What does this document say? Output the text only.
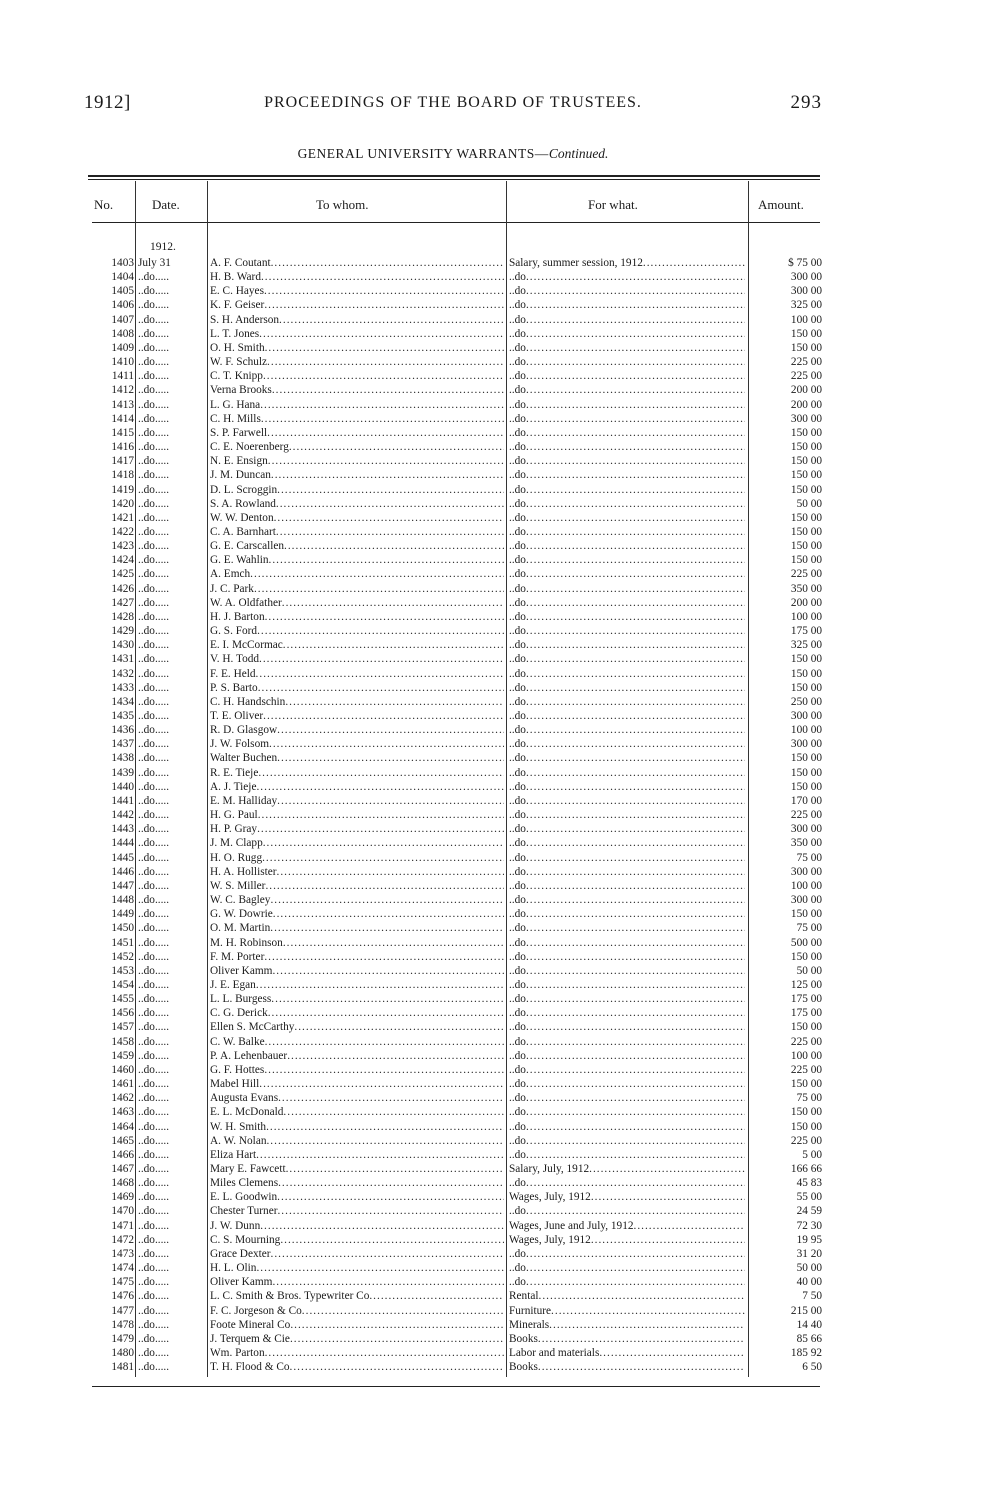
1912]	PROCEEDINGS OF THE BOARD OF TRUSTEES.	293
GENERAL UNIVERSITY WARRANTS—Continued.
No.	Date.	To whom.	For what.	Amount.
1912.
1403 July 31	A. F. Coutant .....	Salary, summer session, 1912 .....	$ 75 00
1404 ..do.....	H. B. Ward .....	..do .....	300 00
1405 ..do.....	E. C. Hayes .....	..do .....	300 00
1406 ..do.....	K. F. Geiser .....	..do .....	325 00
1407 ..do.....	S. H. Anderson .....	..do .....	100 00
1408 ..do.....	L. T. Jones .....	..do .....	150 00
1409 ..do.....	O. H. Smith .....	..do .....	150 00
1410 ..do.....	W. F. Schulz .....	..do .....	225 00
1411 ..do.....	C. T. Knipp .....	..do .....	225 00
1412 ..do.....	Verna Brooks .....	..do .....	200 00
1413 ..do.....	L. G. Hana .....	..do .....	200 00
1414 ..do.....	C. H. Mills .....	..do .....	300 00
1415 ..do.....	S. P. Farwell .....	..do .....	150 00
1416 ..do.....	C. E. Noerenberg .....	..do .....	150 00
1417 ..do.....	N. E. Ensign .....	..do .....	150 00
1418 ..do.....	J. M. Duncan .....	..do .....	150 00
1419 ..do.....	D. L. Scroggin .....	..do .....	150 00
1420 ..do.....	S. A. Rowland .....	..do .....	50 00
1421 ..do.....	W. W. Denton .....	..do .....	150 00
1422 ..do.....	C. A. Barnhart .....	..do .....	150 00
1423 ..do.....	G. E. Carscallen .....	..do .....	150 00
1424 ..do.....	G. E. Wahlin .....	..do .....	150 00
1425 ..do.....	A. Emch .....	..do .....	225 00
1426 ..do.....	J. C. Park .....	..do .....	350 00
1427 ..do.....	W. A. Oldfather .....	..do .....	200 00
1428 ..do.....	H. J. Barton .....	..do .....	100 00
1429 ..do.....	G. S. Ford .....	..do .....	175 00
1430 ..do.....	E. I. McCormac .....	..do .....	325 00
1431 ..do.....	V. H. Todd .....	..do .....	150 00
1432 ..do.....	F. E. Held .....	..do .....	150 00
1433 ..do.....	P. S. Barto .....	..do .....	150 00
1434 ..do.....	C. H. Handschin .....	..do .....	250 00
1435 ..do.....	T. E. Oliver .....	..do .....	300 00
1436 ..do.....	R. D. Glasgow .....	..do .....	100 00
1437 ..do.....	J. W. Folsom .....	..do .....	300 00
1438 ..do.....	Walter Buchen .....	..do .....	150 00
1439 ..do.....	R. E. Tieje .....	..do .....	150 00
1440 ..do.....	A. J. Tieje .....	..do .....	150 00
1441 ..do.....	E. M. Halliday .....	..do .....	170 00
1442 ..do.....	H. G. Paul .....	..do .....	225 00
1443 ..do.....	H. P. Gray .....	..do .....	300 00
1444 ..do.....	J. M. Clapp .....	..do .....	350 00
1445 ..do.....	H. O. Rugg .....	..do .....	75 00
1446 ..do.....	H. A. Hollister .....	..do .....	300 00
1447 ..do.....	W. S. Miller .....	..do .....	100 00
1448 ..do.....	W. C. Bagley .....	..do .....	300 00
1449 ..do.....	G. W. Dowrie .....	..do .....	150 00
1450 ..do.....	O. M. Martin .....	..do .....	75 00
1451 ..do.....	M. H. Robinson .....	..do .....	500 00
1452 ..do.....	F. M. Porter .....	..do .....	150 00
1453 ..do.....	Oliver Kamm .....	..do .....	50 00
1454 ..do.....	J. E. Egan .....	..do .....	125 00
1455 ..do.....	L. L. Burgess .....	..do .....	175 00
1456 ..do.....	C. G. Derick .....	..do .....	175 00
1457 ..do.....	Ellen S. McCarthy .....	..do .....	150 00
1458 ..do.....	C. W. Balke .....	..do .....	225 00
1459 ..do.....	P. A. Lehenbauer .....	..do .....	100 00
1460 ..do.....	G. F. Hottes .....	..do .....	225 00
1461 ..do.....	Mabel Hill .....	..do .....	150 00
1462 ..do.....	Augusta Evans .....	..do .....	75 00
1463 ..do.....	E. L. McDonald .....	..do .....	150 00
1464 ..do.....	W. H. Smith .....	..do .....	150 00
1465 ..do.....	A. W. Nolan .....	..do .....	225 00
1466 ..do.....	Eliza Hart .....	..do .....	5 00
1467 ..do.....	Mary E. Fawcett .....	Salary, July, 1912 .....	166 66
1468 ..do.....	Miles Clemens .....	..do .....	45 83
1469 ..do.....	E. L. Goodwin .....	Wages, July, 1912 .....	55 00
1470 ..do.....	Chester Turner .....	..do .....	24 59
1471 ..do.....	J. W. Dunn .....	Wages, June and July, 1912 .....	72 30
1472 ..do.....	C. S. Mourning .....	Wages, July, 1912 .....	19 95
1473 ..do.....	Grace Dexter .....	..do .....	31 20
1474 ..do.....	H. L. Olin .....	..do .....	50 00
1475 ..do.....	Oliver Kamm .....	..do .....	40 00
1476 ..do.....	L. C. Smith & Bros. Typewriter Co .....	Rental .....	7 50
1477 ..do.....	F. C. Jorgeson & Co .....	Furniture .....	215 00
1478 ..do.....	Foote Mineral Co .....	Minerals .....	14 40
1479 ..do.....	J. Terquem & Cie .....	Books .....	85 66
1480 ..do.....	Wm. Parton .....	Labor and materials .....	185 92
1481 ..do.....	T. H. Flood & Co .....	Books .....	6 50
